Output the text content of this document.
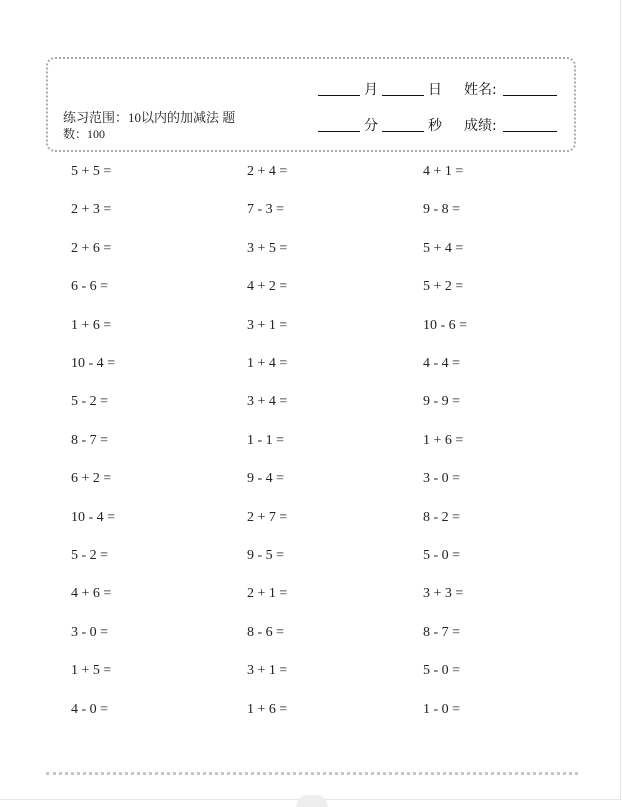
练习范围：10以内的加减法 题
数：100
月	日 姓名:
分	秒 成绩:
5 + 5 =	2 + 4 =	4 + 1 =
2 + 3 =	7 - 3 =	9 - 8 =
2 + 6 =	3 + 5 =	5 + 4 =
6 - 6 =	4 + 2 =	5 + 2 =
1 + 6 =	3 + 1 =	10 - 6 =
10 - 4 =	1 + 4 =	4 - 4 =
5 - 2 =	3 + 4 =	9 - 9 =
8 - 7 =	1 - 1 =	1 + 6 =
6 + 2 =	9 - 4 =	3 - 0 =
10 - 4 =	2 + 7 =	8 - 2 =
5 - 2 =	9 - 5 =	5 - 0 =
4 + 6 =	2 + 1 =	3 + 3 =
3 - 0 =	8 - 6 =	8 - 7 =
1 + 5 =	3 + 1 =	5 - 0 =
4 - 0 =	1 + 6 =	1 - 0 =
